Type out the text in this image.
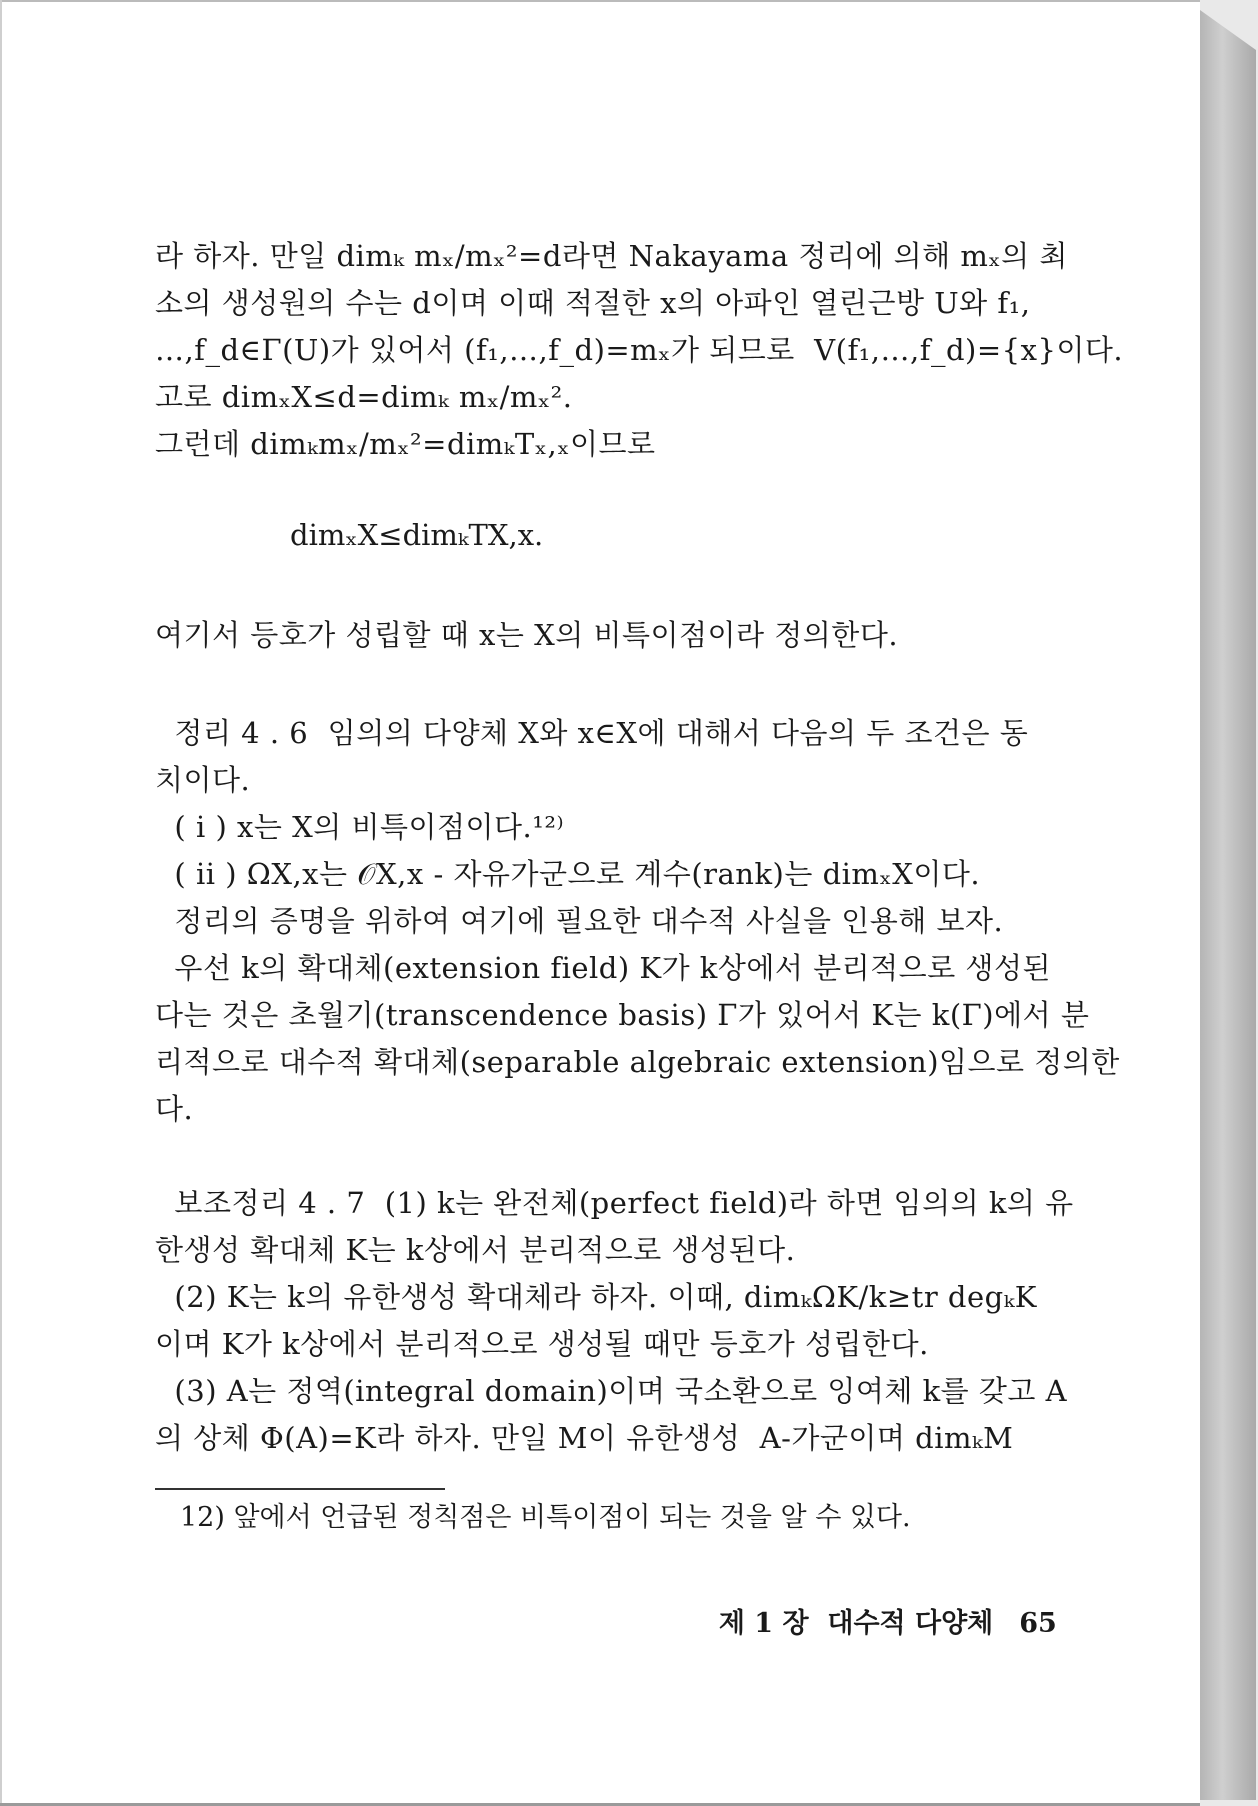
라 하자. 만일 dimₖ mₓ/mₓ²=d라면 Nakayama 정리에 의해 mₓ의 최
소의 생성원의 수는 d이며 이때 적절한 x의 아파인 열린근방 U와 f₁,
…,f_d∈Γ(U)가 있어서 (f₁,…,f_d)=mₓ가 되므로  V(f₁,…,f_d)={x}이다.
고로 dimₓX≤d=dimₖ mₓ/mₓ².
그런데 dimₖmₓ/mₓ²=dimₖTₓ,ₓ이므로
dimₓX≤dimₖTX,x.
여기서 등호가 성립할 때 x는 X의 비특이점이라 정의한다.
정리 4 . 6  임의의 다양체 X와 x∈X에 대해서 다음의 두 조건은 동
치이다.
( i ) x는 X의 비특이점이다.¹²⁾
( ii ) ΩX,x는 𝒪X,x - 자유가군으로 계수(rank)는 dimₓX이다.
정리의 증명을 위하여 여기에 필요한 대수적 사실을 인용해 보자.
우선 k의 확대체(extension field) K가 k상에서 분리적으로 생성된
다는 것은 초월기(transcendence basis) Γ가 있어서 K는 k(Γ)에서 분
리적으로 대수적 확대체(separable algebraic extension)임으로 정의한
다.
보조정리 4 . 7  (1) k는 완전체(perfect field)라 하면 임의의 k의 유
한생성 확대체 K는 k상에서 분리적으로 생성된다.
(2) K는 k의 유한생성 확대체라 하자. 이때, dimₖΩK/k≥tr degₖK
이며 K가 k상에서 분리적으로 생성될 때만 등호가 성립한다.
(3) A는 정역(integral domain)이며 국소환으로 잉여체 k를 갖고 A
의 상체 Φ(A)=K라 하자. 만일 M이 유한생성  A-가군이며 dimₖM
12) 앞에서 언급된 정칙점은 비특이점이 되는 것을 알 수 있다.

제 1 장  대수적 다양체 65
